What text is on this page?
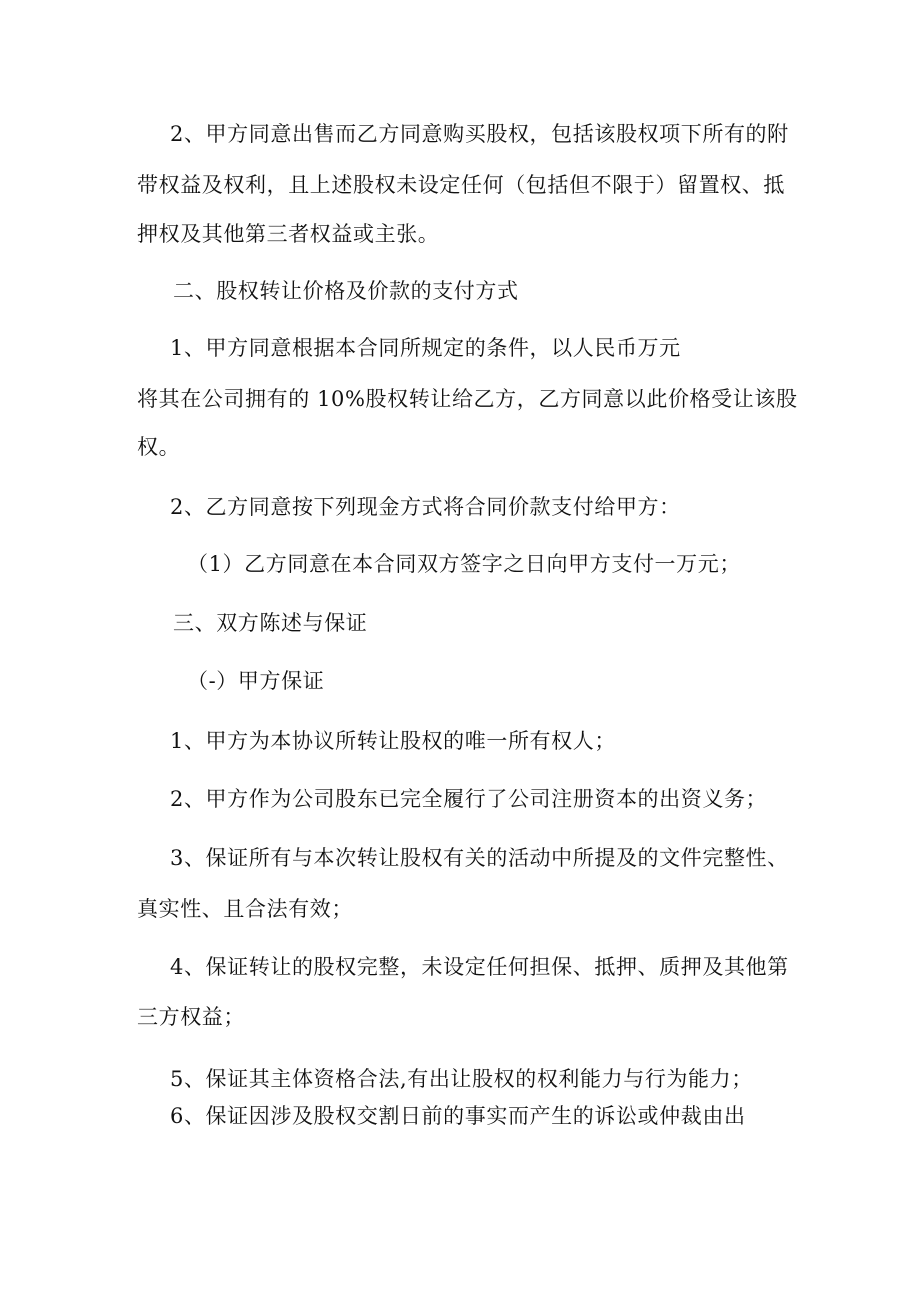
2、甲方同意出售而乙方同意购买股权，包括该股权项下所有的附

带权益及权利，且上述股权未设定任何（包括但不限于）留置权、抵

押权及其他第三者权益或主张。

二、股权转让价格及价款的支付方式

1、甲方同意根据本合同所规定的条件，以人民币万元

将其在公司拥有的 10%股权转让给乙方，乙方同意以此价格受让该股

权。

2、乙方同意按下列现金方式将合同价款支付给甲方：

（1）乙方同意在本合同双方签字之日向甲方支付一万元；

三、双方陈述与保证

（-）甲方保证

1、甲方为本协议所转让股权的唯一所有权人；

2、甲方作为公司股东已完全履行了公司注册资本的出资义务；

3、保证所有与本次转让股权有关的活动中所提及的文件完整性、

真实性、且合法有效；

4、保证转让的股权完整，未设定任何担保、抵押、质押及其他第

三方权益；

5、保证其主体资格合法,有出让股权的权利能力与行为能力；

6、保证因涉及股权交割日前的事实而产生的诉讼或仲裁由出
